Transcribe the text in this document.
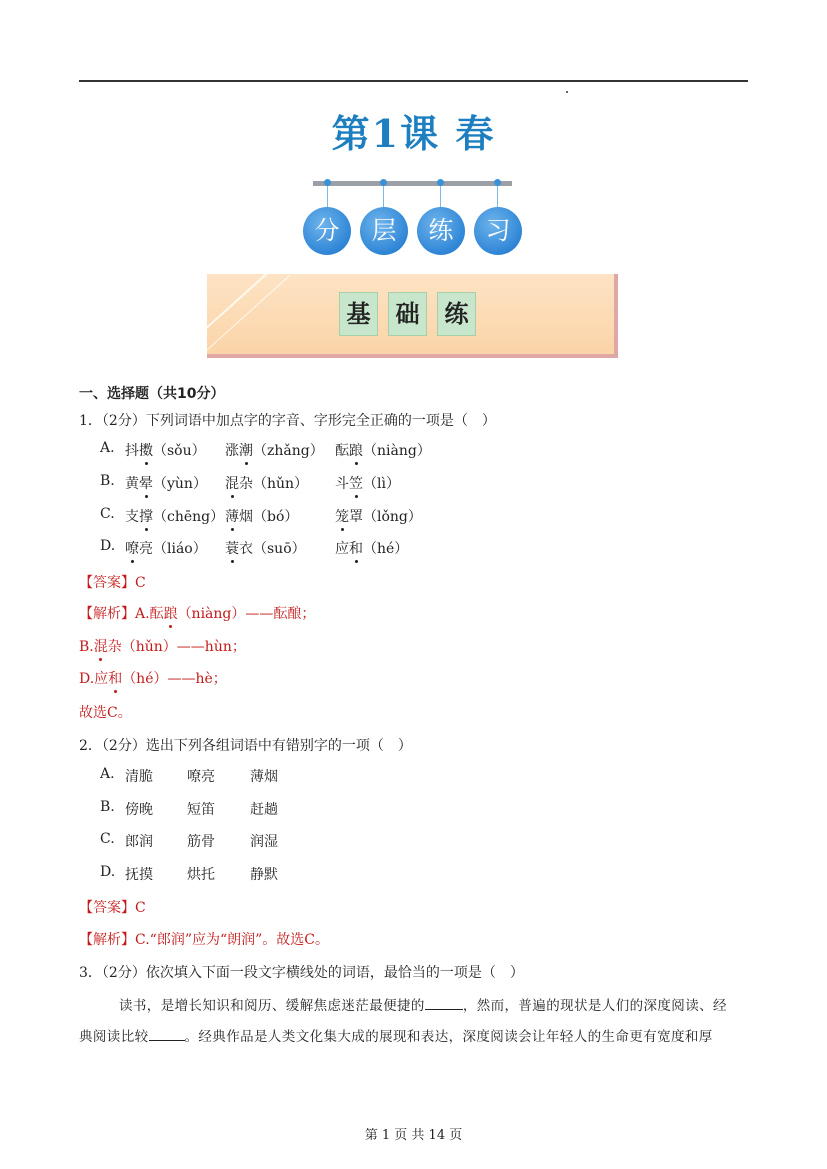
第1课 春
分	层	练	习
基	础	练
一、选择题（共10分）
1．（2分）下列词语中加点字的字音、字形完全正确的一项是（　）
A. 抖擞（sǒu） 涨潮（zhǎng） 酝踉（niàng）
B. 黄晕（yùn） 混杂（hǔn） 斗笠（lì）
C. 支撑（chēng） 薄烟（bó）	笼罩（lǒng）
D. 嘹亮（liáo） 蓑衣（suō） 应和（hé）
【答案】C
【解析】A.酝踉（niàng）——酝酿；
B.混杂（hǔn）——hùn；
D.应和（hé）——hè；
故选C。
2．（2分）选出下列各组词语中有错别字的一项（　）
A. 清脆 嘹亮	薄烟
B. 傍晚 短笛	赶趟
C. 郎润 筋骨	润湿
D. 抚摸 烘托	静默
【答案】C
【解析】C.“郎润”应为“朗润”。故选C。
3．（2分）依次填入下面一段文字横线处的词语，最恰当的一项是（　）
读书，是增长知识和阅历、缓解焦虑迷茫最便捷的	，然而，普遍的现状是人们的深度阅读、经
典阅读比较	。经典作品是人类文化集大成的展现和表达，深度阅读会让年轻人的生命更有宽度和厚
第 1 页 共 14 页
